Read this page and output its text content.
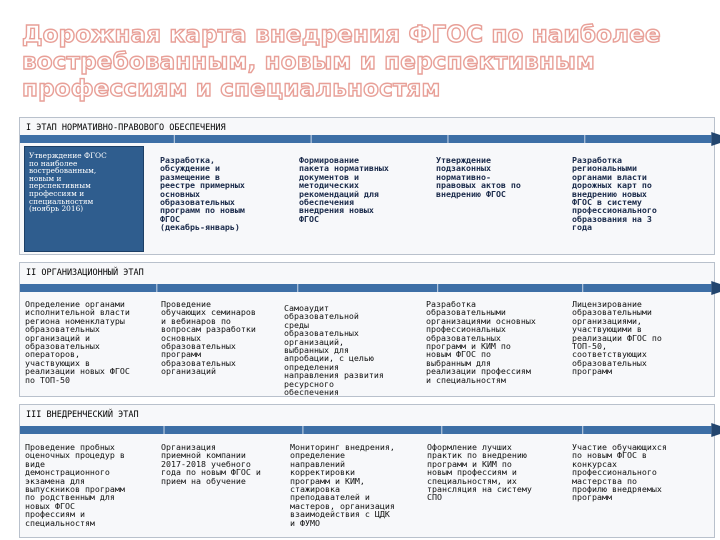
Дорожная карта внедрения ФГОС по наиболее востребованным, новым и перспективным профессиям и специальностям
I ЭТАП НОРМАТИВНО-ПРАВОВОГО ОБЕСПЕЧЕНИЯ
Утверждение ФГОС
по наиболее
востребованным,
новым и
перспективным
профессиям и
специальностям
(ноябрь 2016)
Разработка,
обсуждение и
размещение в
реестре примерных
основных
образовательных
программ по новым
ФГОС
(декабрь-январь)
Формирование
пакета нормативных
документов и
методических
рекомендаций для
обеспечения
внедрения новых
ФГОС
Утверждение
подзаконных
нормативно-
правовых актов по
внедрению ФГОС
Разработка
региональными
органами власти
дорожных карт по
внедрению новых
ФГОС в систему
профессионального
образования на 3
года
II ОРГАНИЗАЦИОННЫЙ ЭТАП
Определение органами
исполнительной власти
региона номенклатуры
образовательных
организаций и
образовательных
операторов,
участвующих в
реализации новых ФГОС
по ТОП-50
Проведение
обучающих семинаров
и вебинаров по
вопросам разработки
основных
образовательных
программ
образовательных
организаций
Самоаудит
образовательной
среды
образовательных
организаций,
выбранных для
апробации, с целью
определения
направления развития
ресурсного
обеспечения
Разработка
образовательными
организациями основных
профессиональных
образовательных
программ и КИМ по
новым ФГОС по
выбранным для
реализации профессиям
и специальностям
Лицензирование
образовательными
организациями,
участвующими в
реализации ФГОС по
ТОП-50,
соответствующих
образовательных
программ
III ВНЕДРЕНЧЕСКИЙ ЭТАП
Проведение пробных
оценочных процедур в
виде
демонстрационного
экзамена для
выпускников программ
по родственным для
новых ФГОС
профессиям и
специальностям
Организация
приемной компании
2017-2018 учебного
года по новым ФГОС и
прием на обучение
Мониторинг внедрения,
определение
направлений
корректировки
программ и КИМ,
стажировка
преподавателей и
мастеров, организация
взаимодействия с ЦДК
и ФУМО
Оформление лучших
практик по внедрению
программ и КИМ по
новым профессиям и
специальностям, их
трансляция на систему
СПО
Участие обучающихся
по новым ФГОС в
конкурсах
профессионального
мастерства по
профилю внедряемых
программ
